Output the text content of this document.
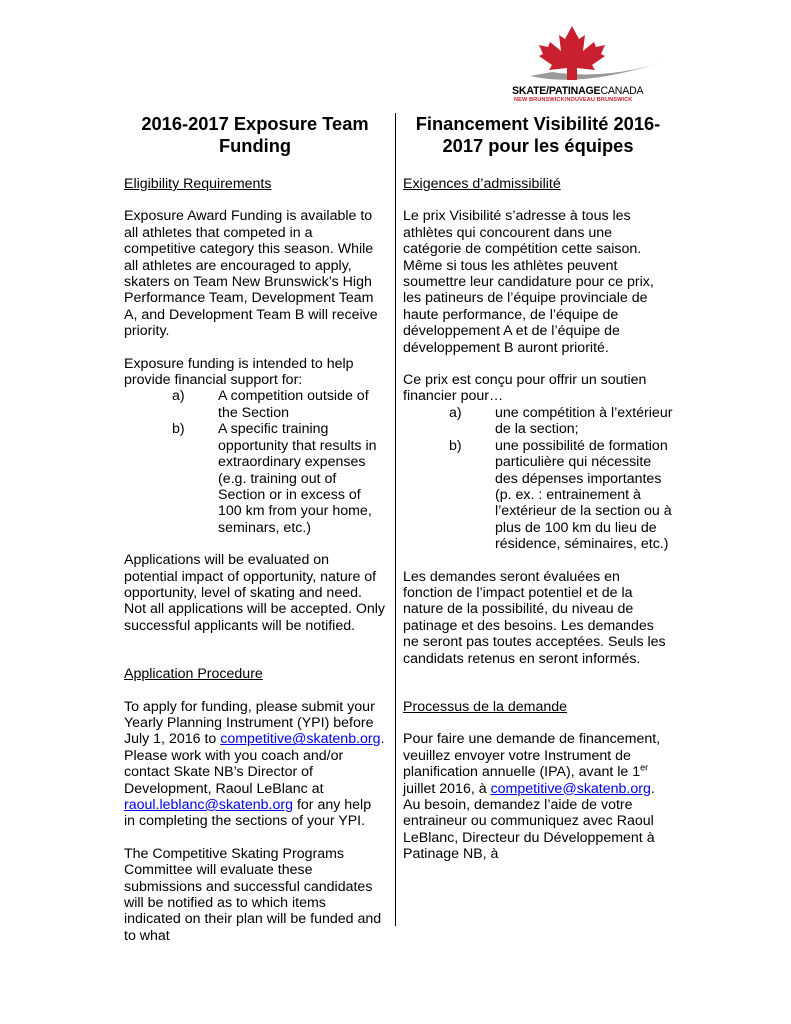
SKATE/PATINAGECANADA
NEW BRUNSWICK/NOUVEAU BRUNSWICK
2016-2017 Exposure Team Funding

Eligibility Requirements

Exposure Award Funding is available to all athletes that competed in a competitive category this season. While all athletes are encouraged to apply, skaters on Team New Brunswick’s High Performance Team, Development Team A, and Development Team B will receive priority.

Exposure funding is intended to help provide financial support for:

a)	A competition outside of the Section
b)	A specific training opportunity that results in extraordinary expenses (e.g. training out of Section or in excess of 100 km from your home, seminars, etc.)

Applications will be evaluated on potential impact of opportunity, nature of opportunity, level of skating and need. Not all applications will be accepted. Only successful applicants will be notified.

Application Procedure

To apply for funding, please submit your Yearly Planning Instrument (YPI) before July 1, 2016 to competitive@skatenb.org. Please work with you coach and/or contact Skate NB’s Director of Development, Raoul LeBlanc at raoul.leblanc@skatenb.org for any help in completing the sections of your YPI.

The Competitive Skating Programs Committee will evaluate these submissions and successful candidates will be notified as to which items indicated on their plan will be funded and to what

Financement Visibilité 2016-2017 pour les équipes

Exigences d’admissibilité

Le prix Visibilité s’adresse à tous les athlètes qui concourent dans une catégorie de compétition cette saison. Même si tous les athlètes peuvent soumettre leur candidature pour ce prix, les patineurs de l’équipe provinciale de haute performance, de l’équipe de développement A et de l’équipe de développement B auront priorité.

Ce prix est conçu pour offrir un soutien financier pour…

a)	une compétition à l’extérieur de la section;
b)	une possibilité de formation particulière qui nécessite des dépenses importantes (p. ex. : entrainement à l’extérieur de la section ou à plus de 100 km du lieu de résidence, séminaires, etc.)

Les demandes seront évaluées en fonction de l’impact potentiel et de la nature de la possibilité, du niveau de patinage et des besoins. Les demandes ne seront pas toutes acceptées. Seuls les candidats retenus en seront informés.

Processus de la demande

Pour faire une demande de financement, veuillez envoyer votre Instrument de planification annuelle (IPA), avant le 1er juillet 2016, à competitive@skatenb.org. Au besoin, demandez l’aide de votre entraineur ou communiquez avec Raoul LeBlanc, Directeur du Développement à Patinage NB, à
